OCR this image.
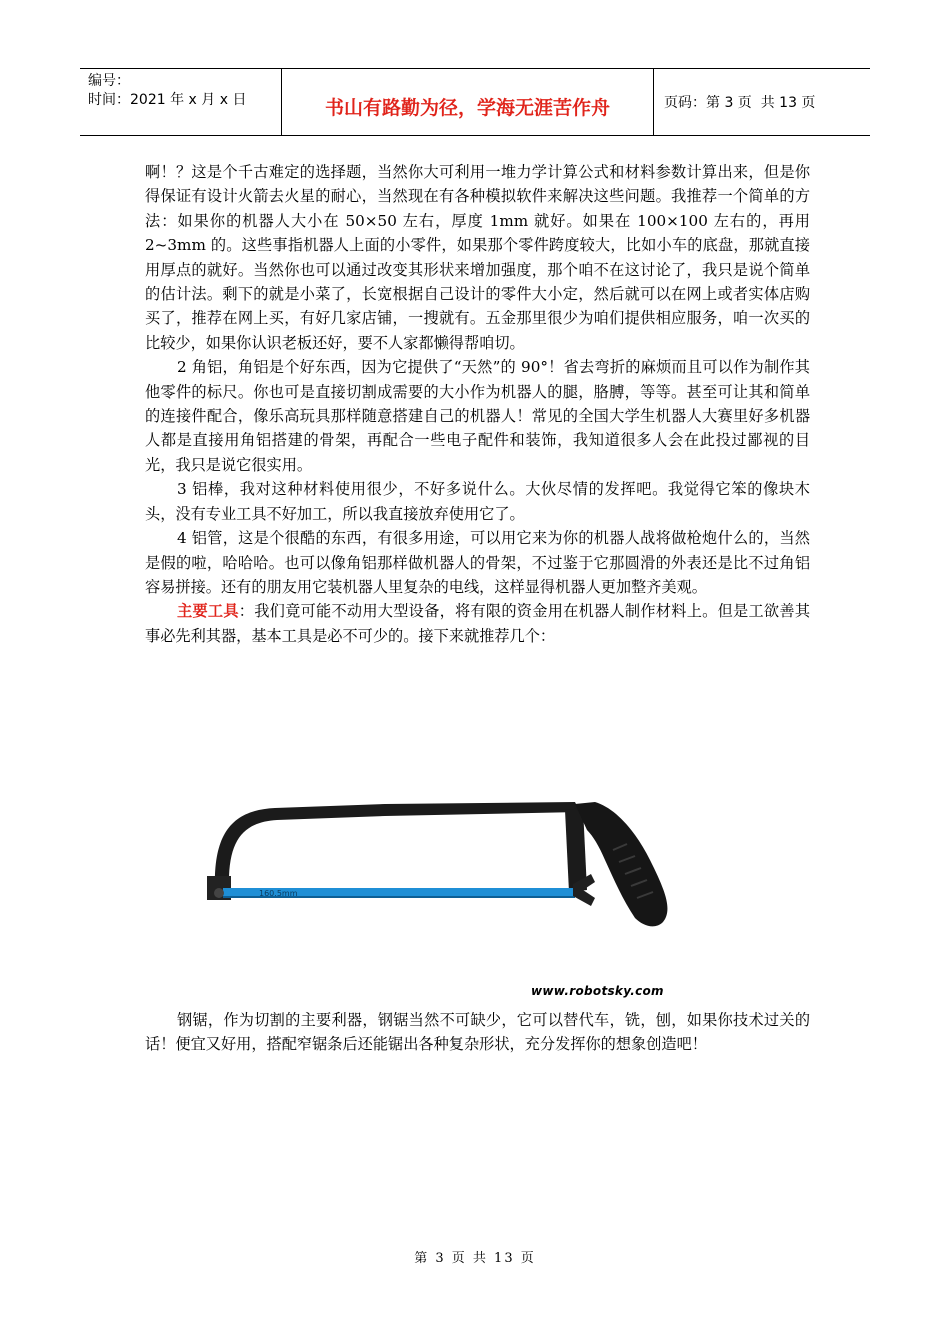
编号：
时间：2021 年 x 月 x 日	书山有路勤为径，学海无涯苦作舟	页码：第 3 页  共 13 页

啊！？这是个千古难定的选择题，当然你大可利用一堆力学计算公式和材料参数计算出来，但是你得保证有设计火箭去火星的耐心，当然现在有各种模拟软件来解决这些问题。我推荐一个简单的方法：如果你的机器人大小在 50×50 左右，厚度 1mm 就好。如果在 100×100 左右的，再用 2~3mm 的。这些事指机器人上面的小零件，如果那个零件跨度较大，比如小车的底盘，那就直接用厚点的就好。当然你也可以通过改变其形状来增加强度，那个咱不在这讨论了，我只是说个简单的估计法。剩下的就是小菜了，长宽根据自己设计的零件大小定，然后就可以在网上或者实体店购买了，推荐在网上买，有好几家店铺，一搜就有。五金那里很少为咱们提供相应服务，咱一次买的比较少，如果你认识老板还好，要不人家都懒得帮咱切。

2 角铝，角铝是个好东西，因为它提供了“天然”的 90°！省去弯折的麻烦而且可以作为制作其他零件的标尺。你也可是直接切割成需要的大小作为机器人的腿，胳膊，等等。甚至可让其和简单的连接件配合，像乐高玩具那样随意搭建自己的机器人！常见的全国大学生机器人大赛里好多机器人都是直接用角铝搭建的骨架，再配合一些电子配件和装饰，我知道很多人会在此投过鄙视的目光，我只是说它很实用。

3 铝棒，我对这种材料使用很少，不好多说什么。大伙尽情的发挥吧。我觉得它笨的像块木头，没有专业工具不好加工，所以我直接放弃使用它了。

4 铝管，这是个很酷的东西，有很多用途，可以用它来为你的机器人战将做枪炮什么的，当然是假的啦，哈哈哈。也可以像角铝那样做机器人的骨架，不过鉴于它那圆滑的外表还是比不过角铝容易拼接。还有的朋友用它装机器人里复杂的电线，这样显得机器人更加整齐美观。

主要工具：我们竟可能不动用大型设备，将有限的资金用在机器人制作材料上。但是工欲善其事必先利其器，基本工具是必不可少的。接下来就推荐几个：

160.5mm
www.robotsky.com

钢锯，作为切割的主要利器，钢锯当然不可缺少，它可以替代车，铣，刨，如果你技术过关的话！便宜又好用，搭配窄锯条后还能锯出各种复杂形状，充分发挥你的想象创造吧！

第 3 页 共 13 页
